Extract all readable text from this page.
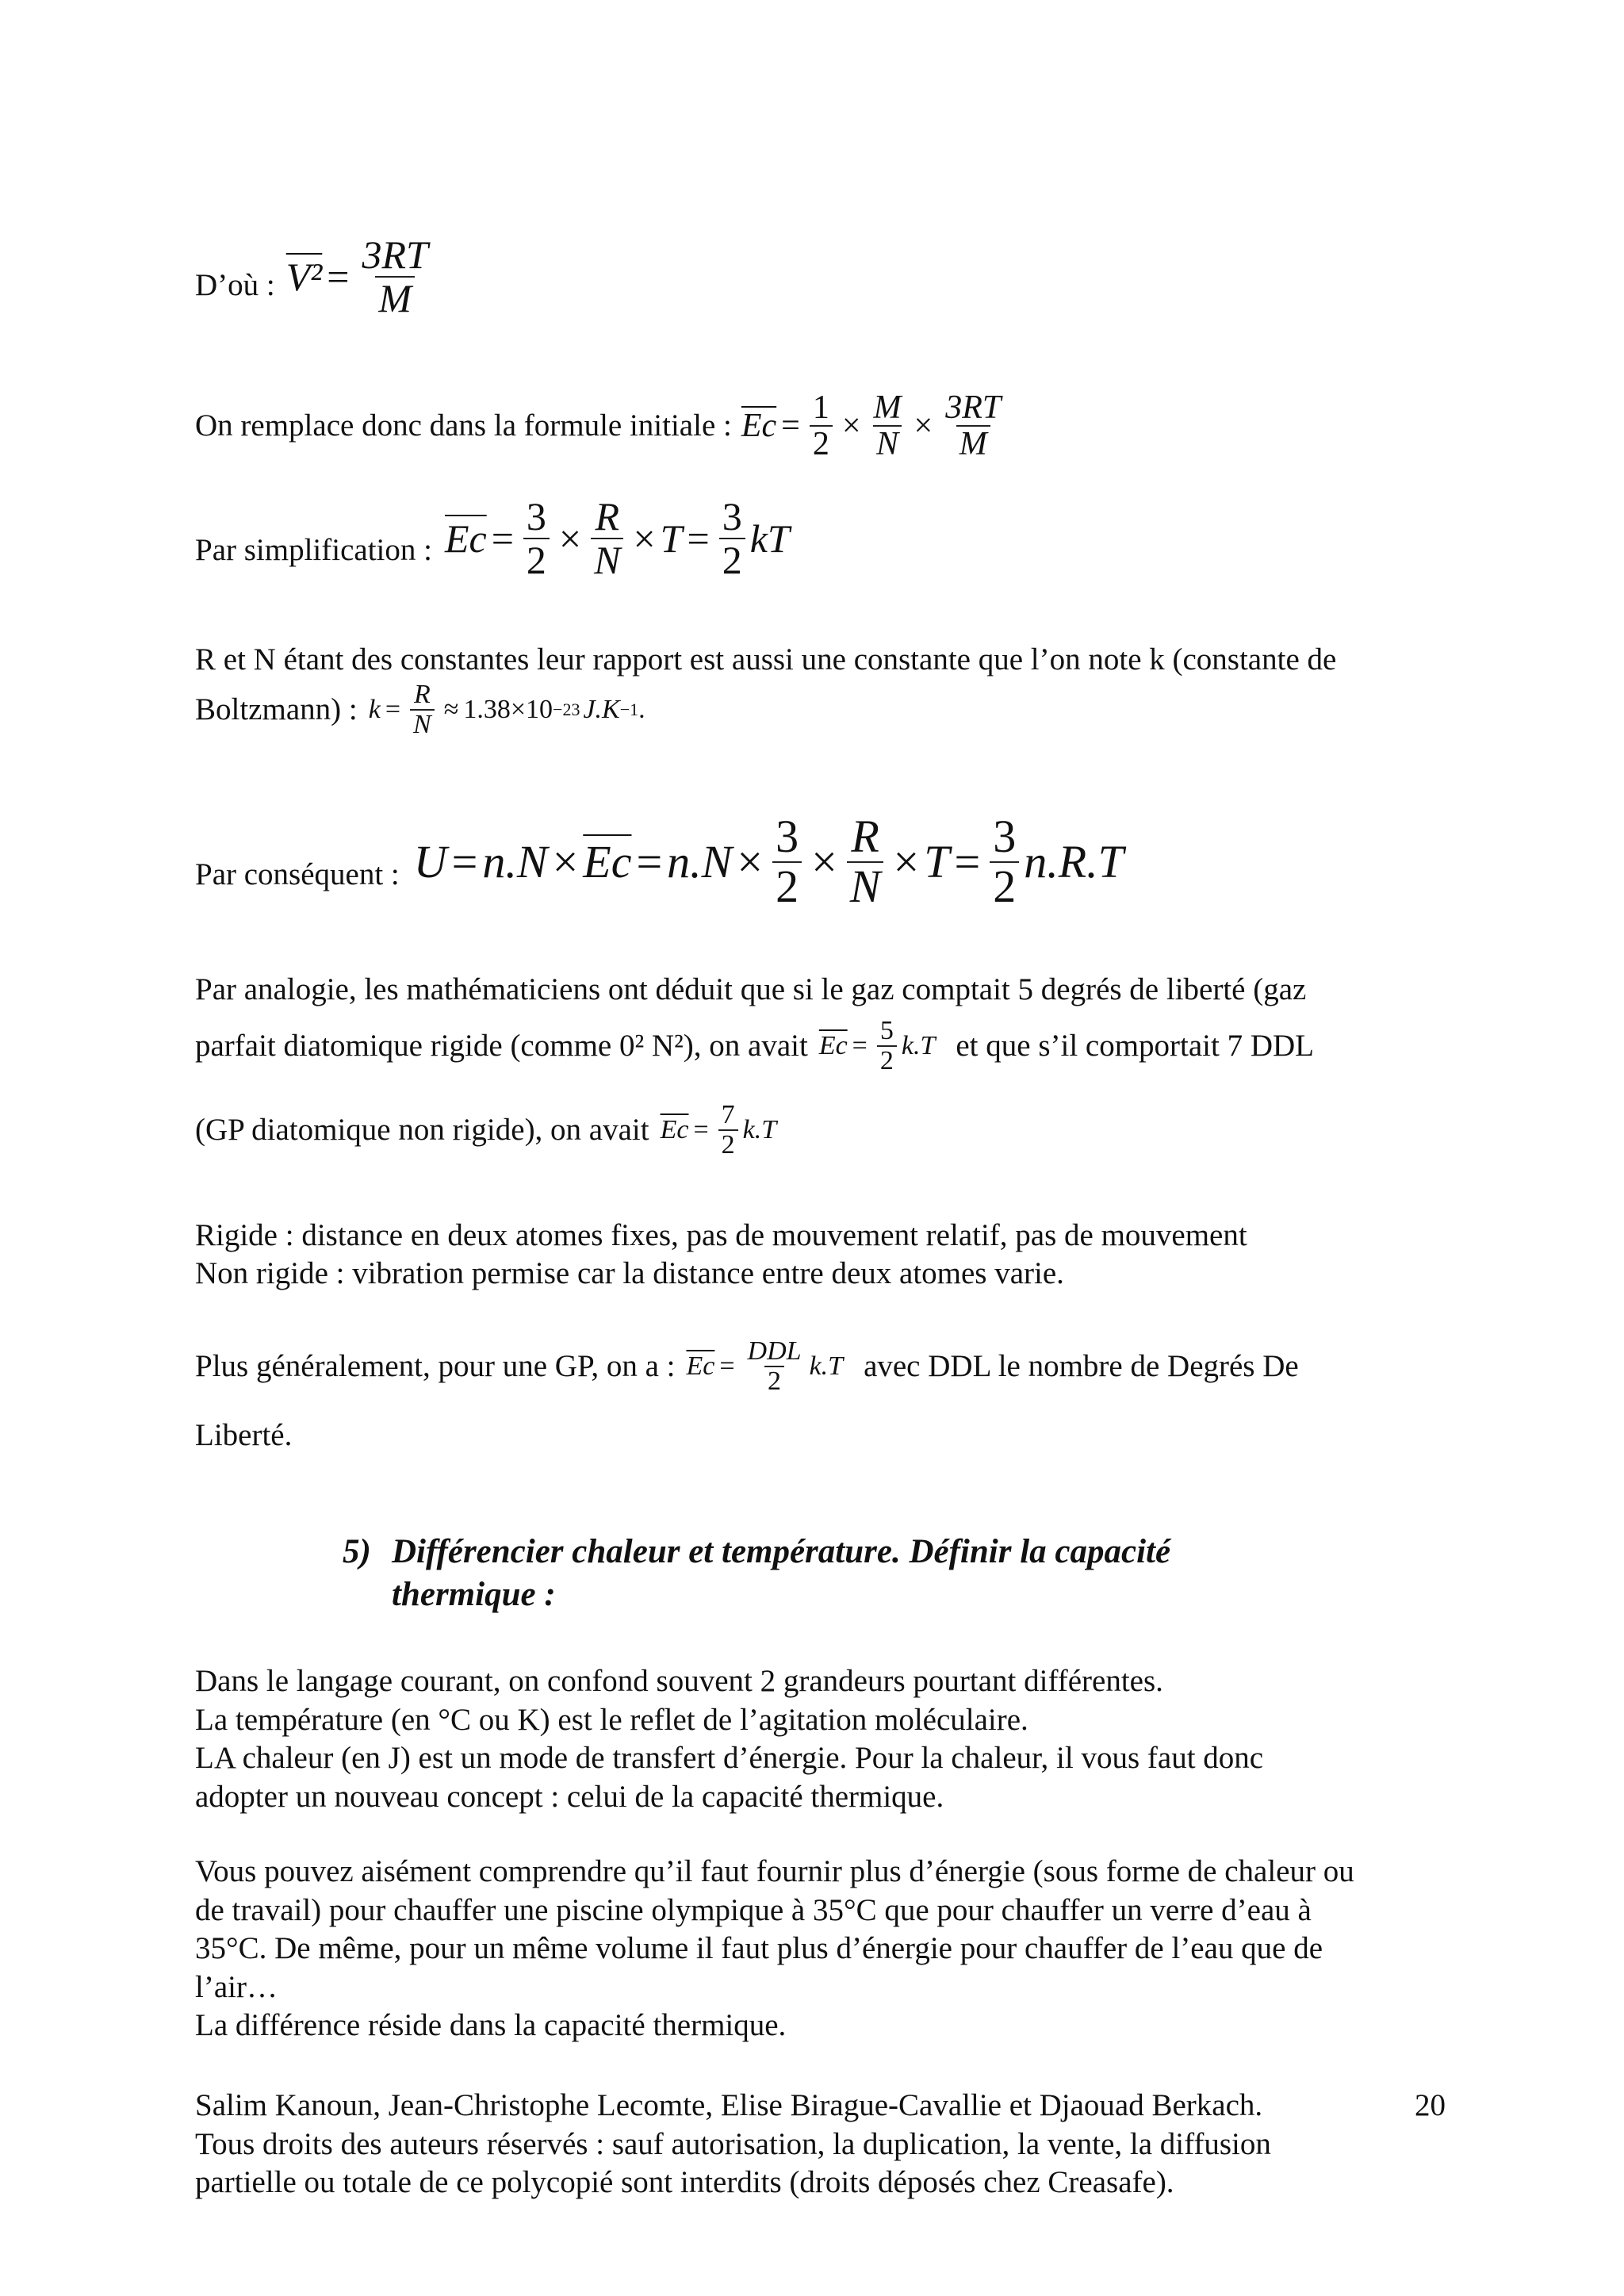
D’où : $V^2 = \frac{3RT}{M}$
On remplace donc dans la formule initiale : $\overline{Ec} = \frac{1}{2} \times \frac{M}{N} \times \frac{3RT}{M}$
Par simplification : $\overline{Ec} = \frac{3}{2} \times \frac{R}{N} \times T = \frac{3}{2}$ kT
R et N étant des constantes leur rapport est aussi une constante que l’on note k (constante de
Boltzmann) : $k = \frac{R}{N} \approx 1.38\times 10 -23$ J.K −1 .
Par conséquent : $U = n.N \times \overline{Ec} = n.N \times \frac{3}{2} \times \frac{R}{N} \times T = \frac{3}{2} n.R.T$
Par analogie, les mathématiciens ont déduit que si le gaz comptait 5 degrés de liberté (gaz
parfait diatomique rigide (comme 0² N²), on avait $\overline{Ec} = \frac{5}{2} k.T$ et que s’il comportait 7 DDL
(GP diatomique non rigide), on avait $\overline{Ec} = \frac{7}{2} k.T$
Rigide : distance en deux atomes fixes, pas de mouvement relatif, pas de mouvement
Non rigide : vibration permise car la distance entre deux atomes varie.
Plus généralement, pour une GP, on a : $\overline{Ec} = \frac{\text{DDL}}{2} k.T$ avec DDL le nombre de Degrés De
Liberté.
5) Différencier chaleur et température. Définir la capacité
thermique :
Dans le langage courant, on confond souvent 2 grandeurs pourtant différentes.
La température (en °C ou K) est le reflet de l’agitation moléculaire.
LA chaleur (en J) est un mode de transfert d’énergie. Pour la chaleur, il vous faut donc
adopter un nouveau concept : celui de la capacité thermique.
Vous pouvez aisément comprendre qu’il faut fournir plus d’énergie (sous forme de chaleur ou
de travail) pour chauffer une piscine olympique à 35°C que pour chauffer un verre d’eau à
35°C. De même, pour un même volume il faut plus d’énergie pour chauffer de l’eau que de
l’air…
La différence réside dans la capacité thermique.
Salim Kanoun, Jean-Christophe Lecomte, Elise Birague-Cavallie et Djaouad Berkach.
Tous droits des auteurs réservés : sauf autorisation, la duplication, la vente, la diffusion
partielle ou totale de ce polycopié sont interdits (droits déposés chez Creasafe).
20
